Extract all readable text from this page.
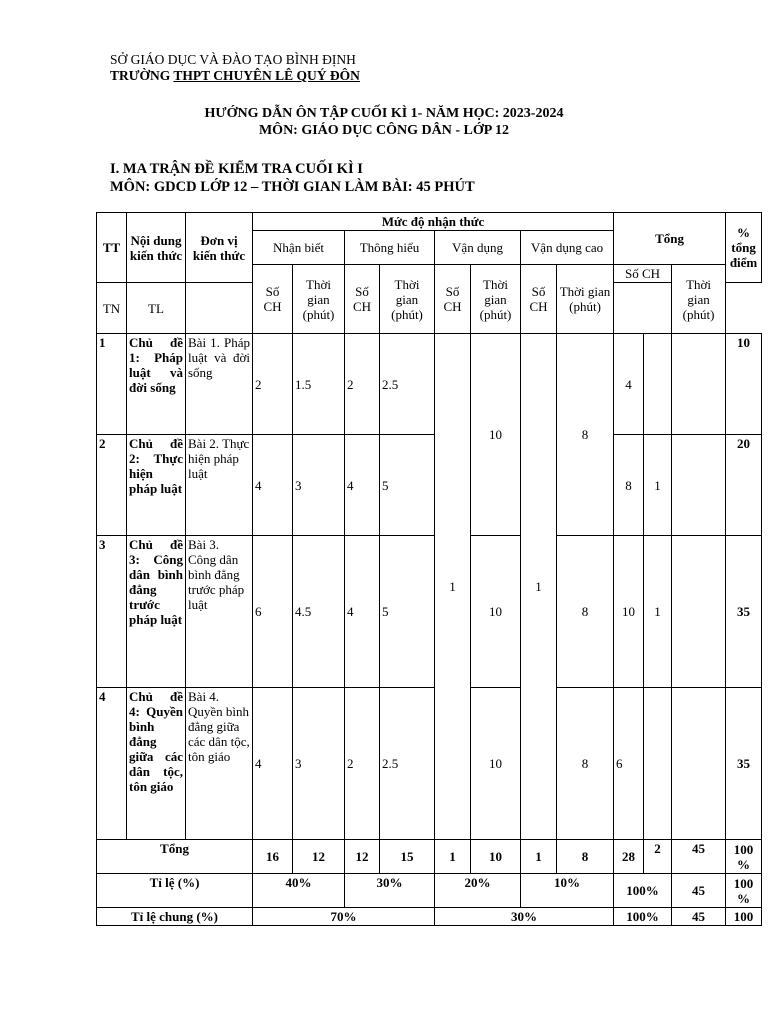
SỞ GIÁO DỤC VÀ ĐÀO TẠO BÌNH ĐỊNH
TRƯỜNG THPT CHUYÊN LÊ QUÝ ĐÔN
HƯỚNG DẪN ÔN TẬP CUỐI KÌ 1- NĂM HỌC: 2023-2024
MÔN: GIÁO DỤC CÔNG DÂN - LỚP 12
I. MA TRẬN ĐỀ KIỂM TRA CUỐI KÌ I
MÔN: GDCD LỚP 12 – THỜI GIAN LÀM BÀI: 45 PHÚT
TT	Nội dung kiến thức	Đơn vị kiến thức	Mức độ nhận thức								Tổng			% tổng điểm
			Nhận biết		Thông hiểu		Vận dụng		Vận dụng cao					
			Số CH	Thời gian (phút)	Số CH	Thời gian (phút)	Số CH	Thời gian (phút)	Số CH	Thời gian (phút)	Số CH		Thời gian (phút)	
TN	TL													
1	Chủ đề 1: Pháp luật và đời sống	Bài 1. Pháp luật và đời sống	2	1.5	2	2.5	1	10	1	8	4			10
2	Chủ đề 2: Thực hiện pháp luật	Bài 2. Thực hiện pháp luật	4	3	4	5					8	1		20
3	Chủ đề 3: Công dân bình đẳng trước pháp luật	Bài 3. Công dân bình đẳng trước pháp luật	6	4.5	4	5		10		8	10	1		35
4	Chủ đề 4: Quyền bình đẳng giữa các dân tộc, tôn giáo	Bài 4. Quyền bình đẳng giữa các dân tộc, tôn giáo	4	3	2	2.5		10		8	6			35
Tổng			16	12	12	15	1	10	1	8	28	2	45	100 %
Tỉ lệ (%)			40%		30%		20%		10%		100%		45	100 %
Tỉ lệ chung (%)			70%				30%				100%		45	100
